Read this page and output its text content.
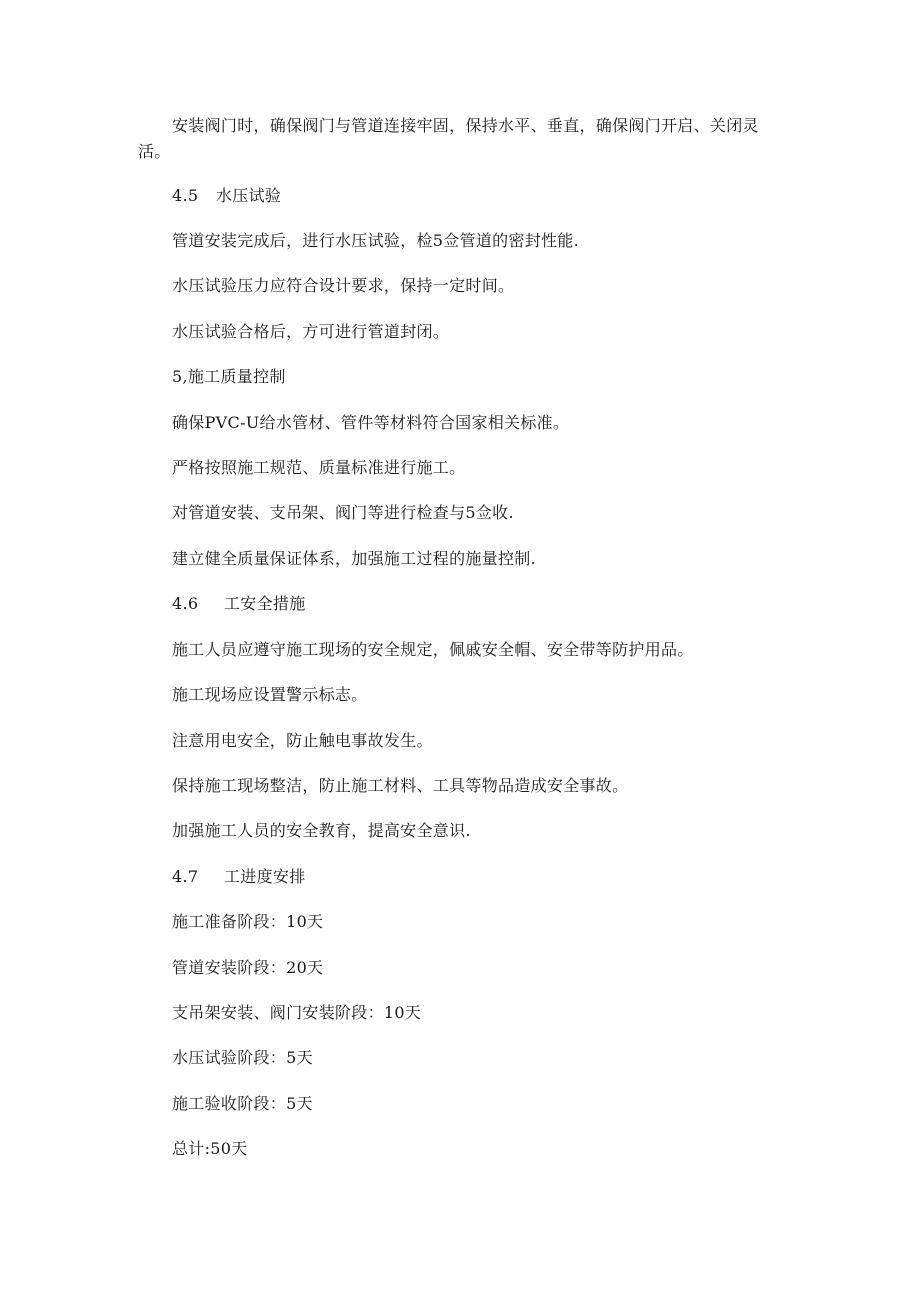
安装阀门时，确保阀门与管道连接牢固，保持水平、垂直，确保阀门开启、关闭灵
活。
4.5 水压试验
管道安装完成后，进行水压试验，检5佥管道的密封性能.
水压试验压力应符合设计要求，保持一定时间。
水压试验合格后，方可进行管道封闭。
5,施工质量控制
确保PVC-U给水管材、管件等材料符合国家相关标准。
严格按照施工规范、质量标准进行施工。
对管道安装、支吊架、阀门等进行检查与5佥收.
建立健全质量保证体系，加强施工过程的施量控制.
4.6 工安全措施
施工人员应遵守施工现场的安全规定，佩戚安全帽、安全带等防护用品。
施工现场应设置警示标志。
注意用电安全，防止触电事故发生。
保持施工现场整洁，防止施工材料、工具等物品造成安全事故。
加强施工人员的安全教育，提高安全意识.
4.7 工进度安排
施工准备阶段：10天
管道安装阶段：20天
支吊架安装、阀门安装阶段：10天
水压试验阶段：5天
施工验收阶段：5天
总计:50天
